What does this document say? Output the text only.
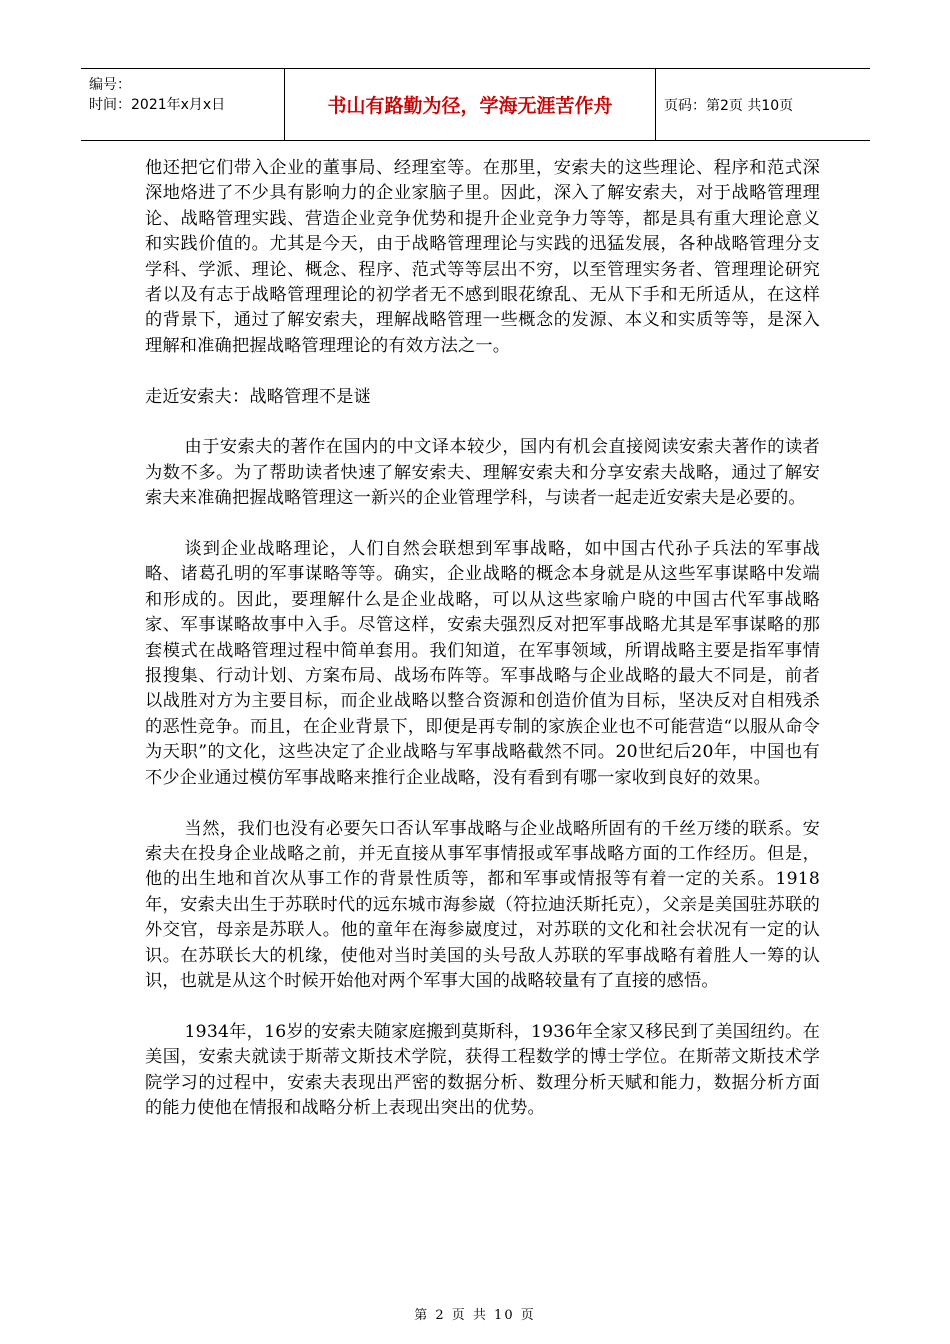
编号：
时间：2021年x月x日	书山有路勤为径，学海无涯苦作舟	页码：第2页 共10页

他还把它们带入企业的董事局、经理室等。在那里，安索夫的这些理论、程序和范式深深地烙进了不少具有影响力的企业家脑子里。因此，深入了解安索夫，对于战略管理理论、战略管理实践、营造企业竞争优势和提升企业竞争力等等，都是具有重大理论意义和实践价值的。尤其是今天，由于战略管理理论与实践的迅猛发展，各种战略管理分支学科、学派、理论、概念、程序、范式等等层出不穷，以至管理实务者、管理理论研究者以及有志于战略管理理论的初学者无不感到眼花缭乱、无从下手和无所适从，在这样的背景下，通过了解安索夫，理解战略管理一些概念的发源、本义和实质等等，是深入理解和准确把握战略管理理论的有效方法之一。

走近安索夫：战略管理不是谜

由于安索夫的著作在国内的中文译本较少，国内有机会直接阅读安索夫著作的读者为数不多。为了帮助读者快速了解安索夫、理解安索夫和分享安索夫战略，通过了解安索夫来准确把握战略管理这一新兴的企业管理学科，与读者一起走近安索夫是必要的。

谈到企业战略理论，人们自然会联想到军事战略，如中国古代孙子兵法的军事战略、诸葛孔明的军事谋略等等。确实，企业战略的概念本身就是从这些军事谋略中发端和形成的。因此，要理解什么是企业战略，可以从这些家喻户晓的中国古代军事战略家、军事谋略故事中入手。尽管这样，安索夫强烈反对把军事战略尤其是军事谋略的那套模式在战略管理过程中简单套用。我们知道，在军事领域，所谓战略主要是指军事情报搜集、行动计划、方案布局、战场布阵等。军事战略与企业战略的最大不同是，前者以战胜对方为主要目标，而企业战略以整合资源和创造价值为目标，坚决反对自相残杀的恶性竞争。而且，在企业背景下，即便是再专制的家族企业也不可能营造“以服从命令为天职”的文化，这些决定了企业战略与军事战略截然不同。20世纪后20年，中国也有不少企业通过模仿军事战略来推行企业战略，没有看到有哪一家收到良好的效果。

当然，我们也没有必要矢口否认军事战略与企业战略所固有的千丝万缕的联系。安索夫在投身企业战略之前，并无直接从事军事情报或军事战略方面的工作经历。但是，他的出生地和首次从事工作的背景性质等，都和军事或情报等有着一定的关系。1918年，安索夫出生于苏联时代的远东城市海参崴（符拉迪沃斯托克），父亲是美国驻苏联的外交官，母亲是苏联人。他的童年在海参崴度过，对苏联的文化和社会状况有一定的认识。在苏联长大的机缘，使他对当时美国的头号敌人苏联的军事战略有着胜人一筹的认识，也就是从这个时候开始他对两个军事大国的战略较量有了直接的感悟。

1934年，16岁的安索夫随家庭搬到莫斯科，1936年全家又移民到了美国纽约。在美国，安索夫就读于斯蒂文斯技术学院，获得工程数学的博士学位。在斯蒂文斯技术学院学习的过程中，安索夫表现出严密的数据分析、数理分析天赋和能力，数据分析方面的能力使他在情报和战略分析上表现出突出的优势。

第 2 页 共 10 页
